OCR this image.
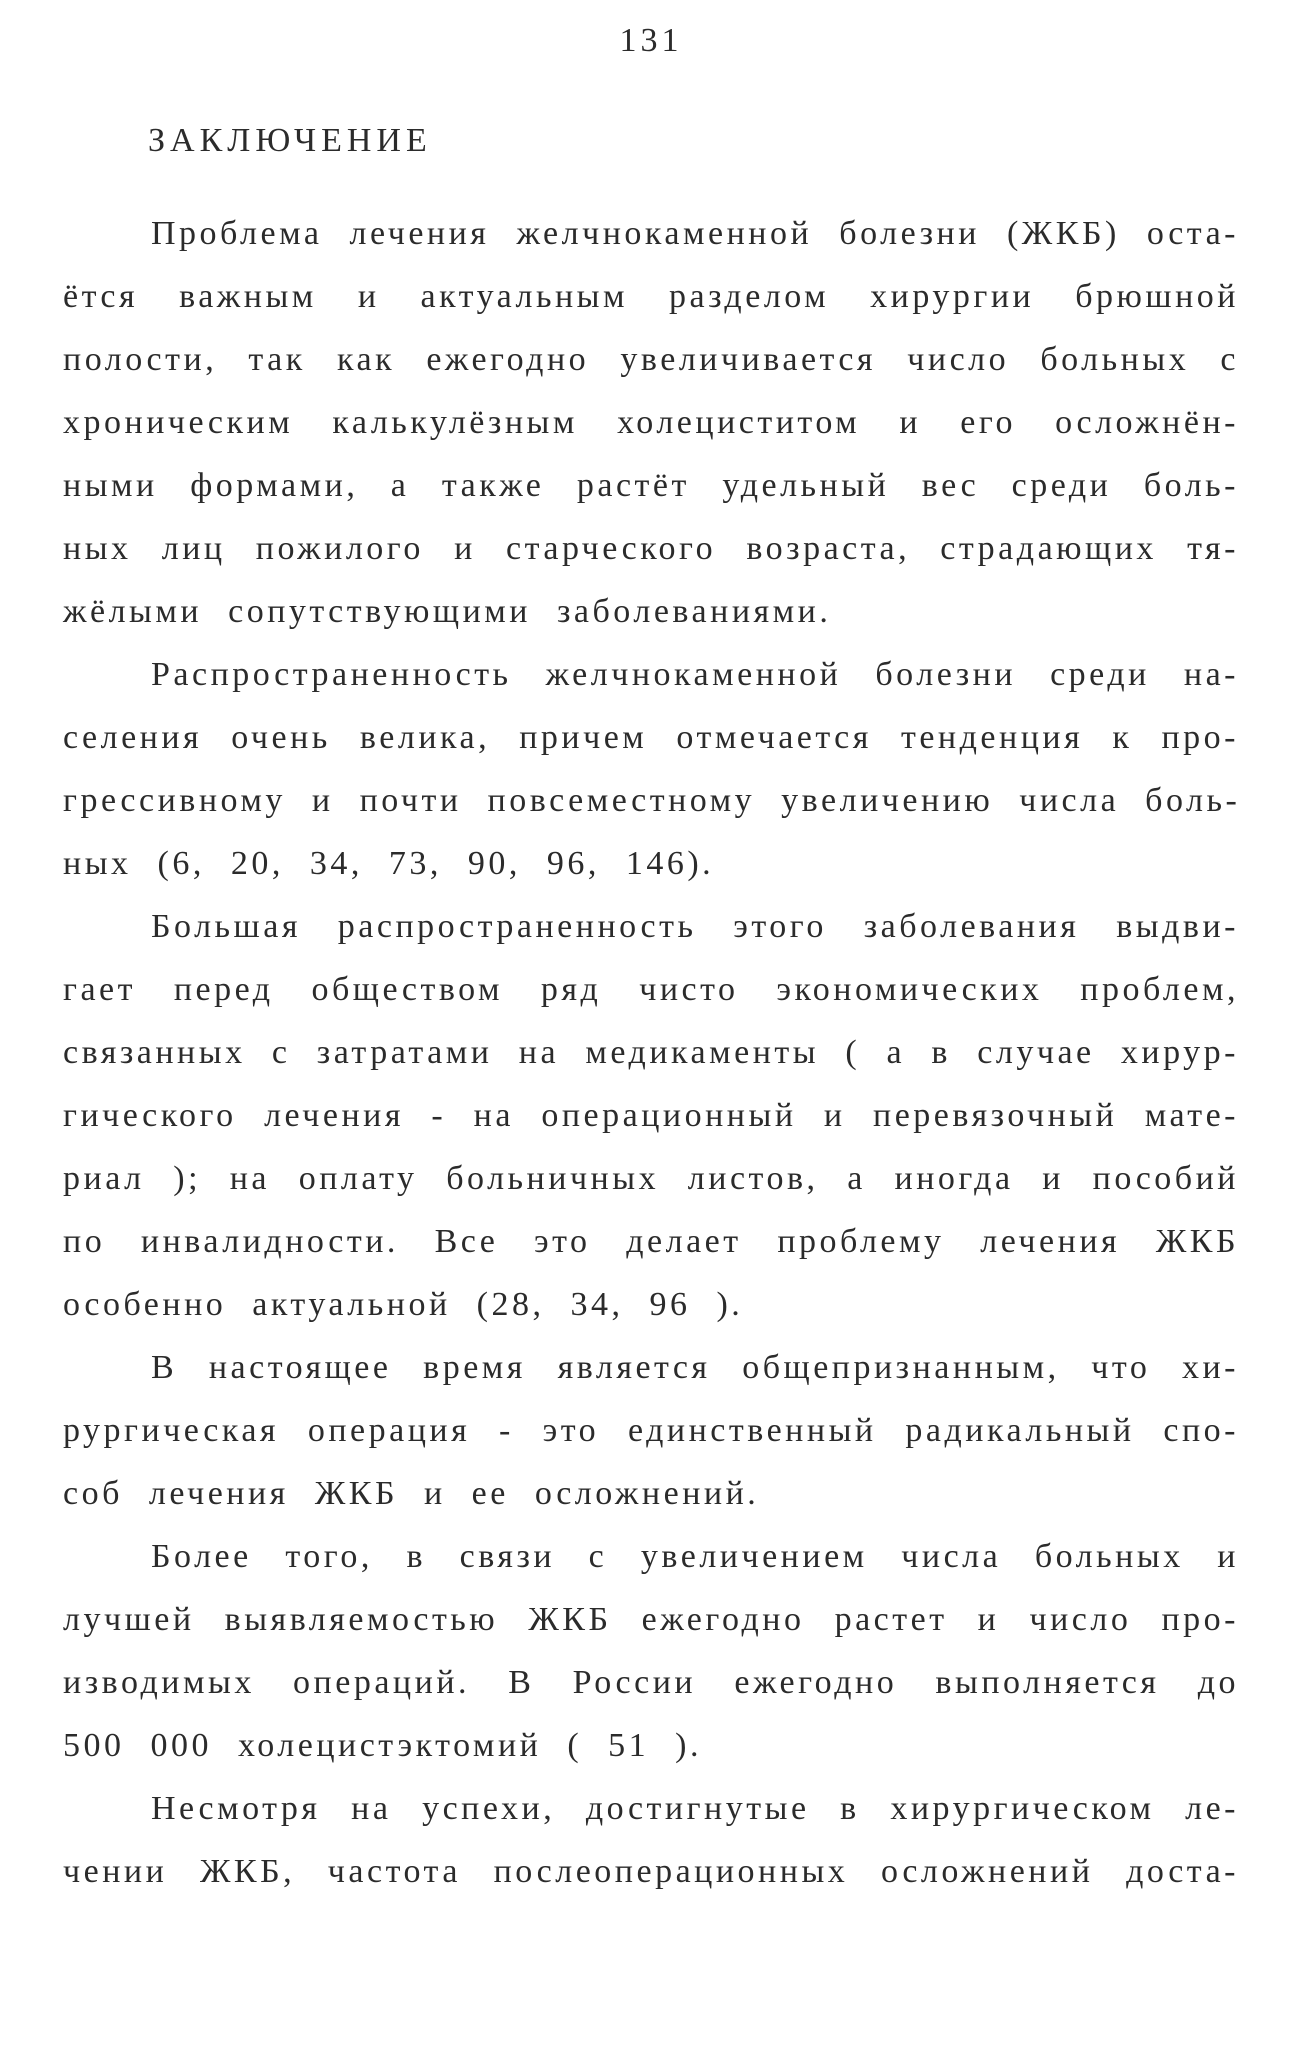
131
ЗАКЛЮЧЕНИЕ
Проблема лечения желчнокаменной болезни (ЖКБ) оста-
ётся важным и актуальным разделом хирургии брюшной
полости, так как ежегодно увеличивается число больных с
хроническим калькулёзным холециститом и его осложнён-
ными формами, а также растёт удельный вес среди боль-
ных лиц пожилого и старческого возраста, страдающих тя-
жёлыми сопутствующими заболеваниями.
Распространенность желчнокаменной болезни среди на-
селения очень велика, причем отмечается тенденция к про-
грессивному и почти повсеместному увеличению числа боль-
ных (6, 20, 34, 73, 90, 96, 146).
Большая распространенность этого заболевания выдви-
гает перед обществом ряд чисто экономических проблем,
связанных с затратами на медикаменты ( а в случае хирур-
гического лечения - на операционный и перевязочный мате-
риал ); на оплату больничных листов, а иногда и пособий
по инвалидности. Все это делает проблему лечения ЖКБ
особенно актуальной (28, 34, 96 ).
В настоящее время является общепризнанным, что хи-
рургическая операция - это единственный радикальный спо-
соб лечения ЖКБ и ее осложнений.
Более того, в связи с увеличением числа больных и
лучшей выявляемостью ЖКБ ежегодно растет и число про-
изводимых операций. В России ежегодно выполняется до
500 000 холецистэктомий ( 51 ).
Несмотря на успехи, достигнутые в хирургическом ле-
чении ЖКБ, частота послеоперационных осложнений доста-
